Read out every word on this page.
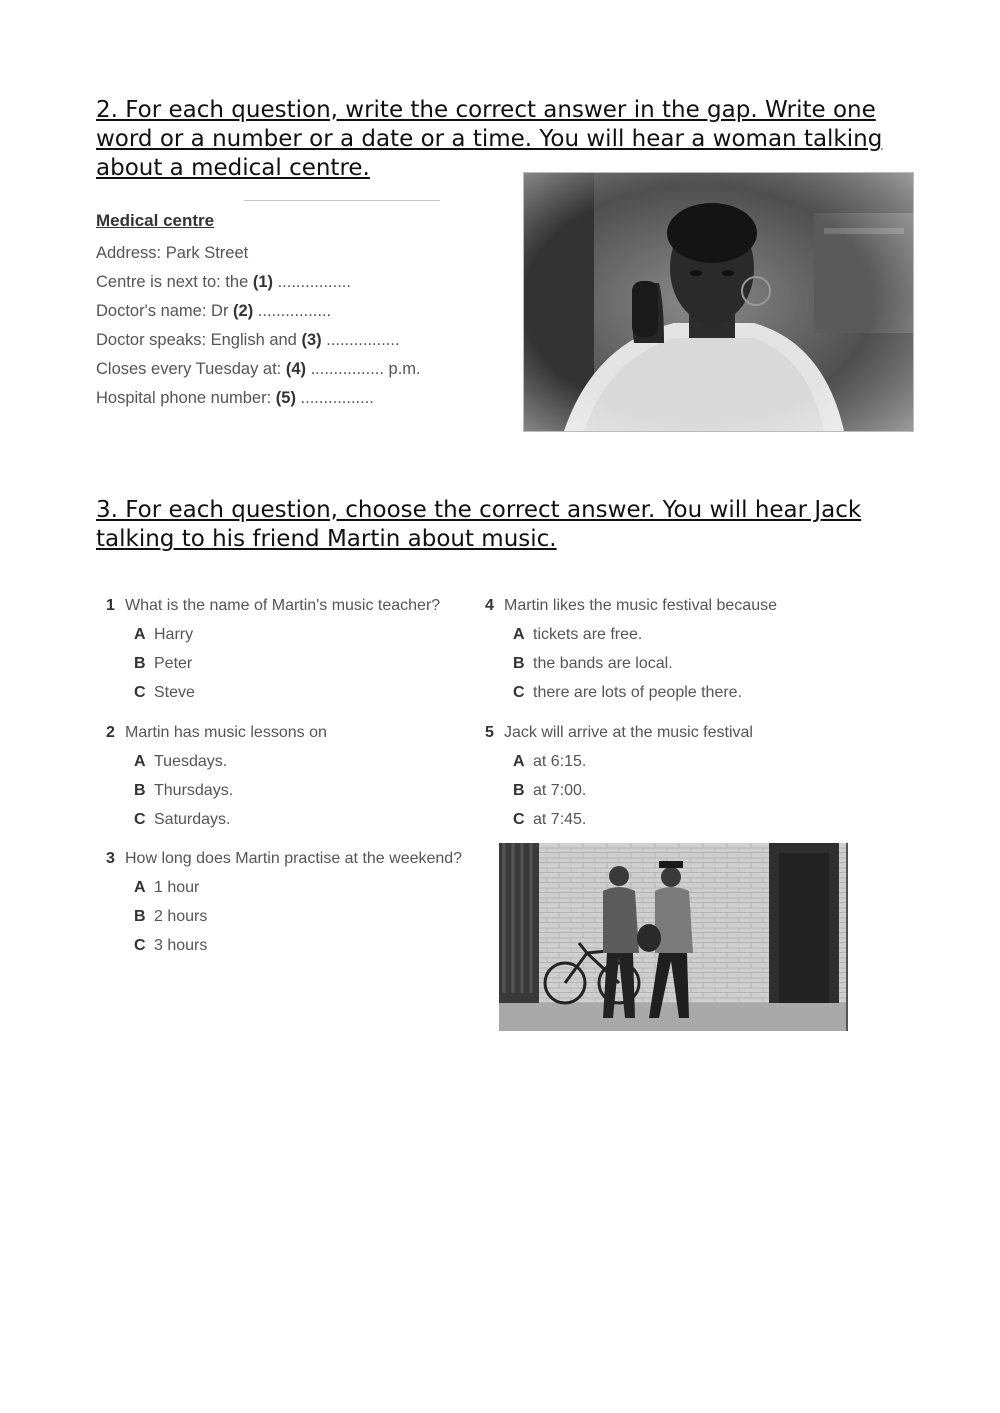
2. For each question, write the correct answer in the gap. Write one word or a number or a date or a time. You will hear a woman talking about a medical centre.
Medical centre
Address: Park Street
Centre is next to: the (1) ................
Doctor's name: Dr (2) ................
Doctor speaks: English and (3) ................
Closes every Tuesday at: (4) ................ p.m.
Hospital phone number: (5) ................
3. For each question, choose the correct answer. You will hear Jack talking to his friend Martin about music.
1 What is the name of Martin's music teacher?
A Harry
B Peter
C Steve
2 Martin has music lessons on
A Tuesdays.
B Thursdays.
C Saturdays.
3 How long does Martin practise at the weekend?
A 1 hour
B 2 hours
C 3 hours
4 Martin likes the music festival because
A tickets are free.
B the bands are local.
C there are lots of people there.
5 Jack will arrive at the music festival
A at 6:15.
B at 7:00.
C at 7:45.
